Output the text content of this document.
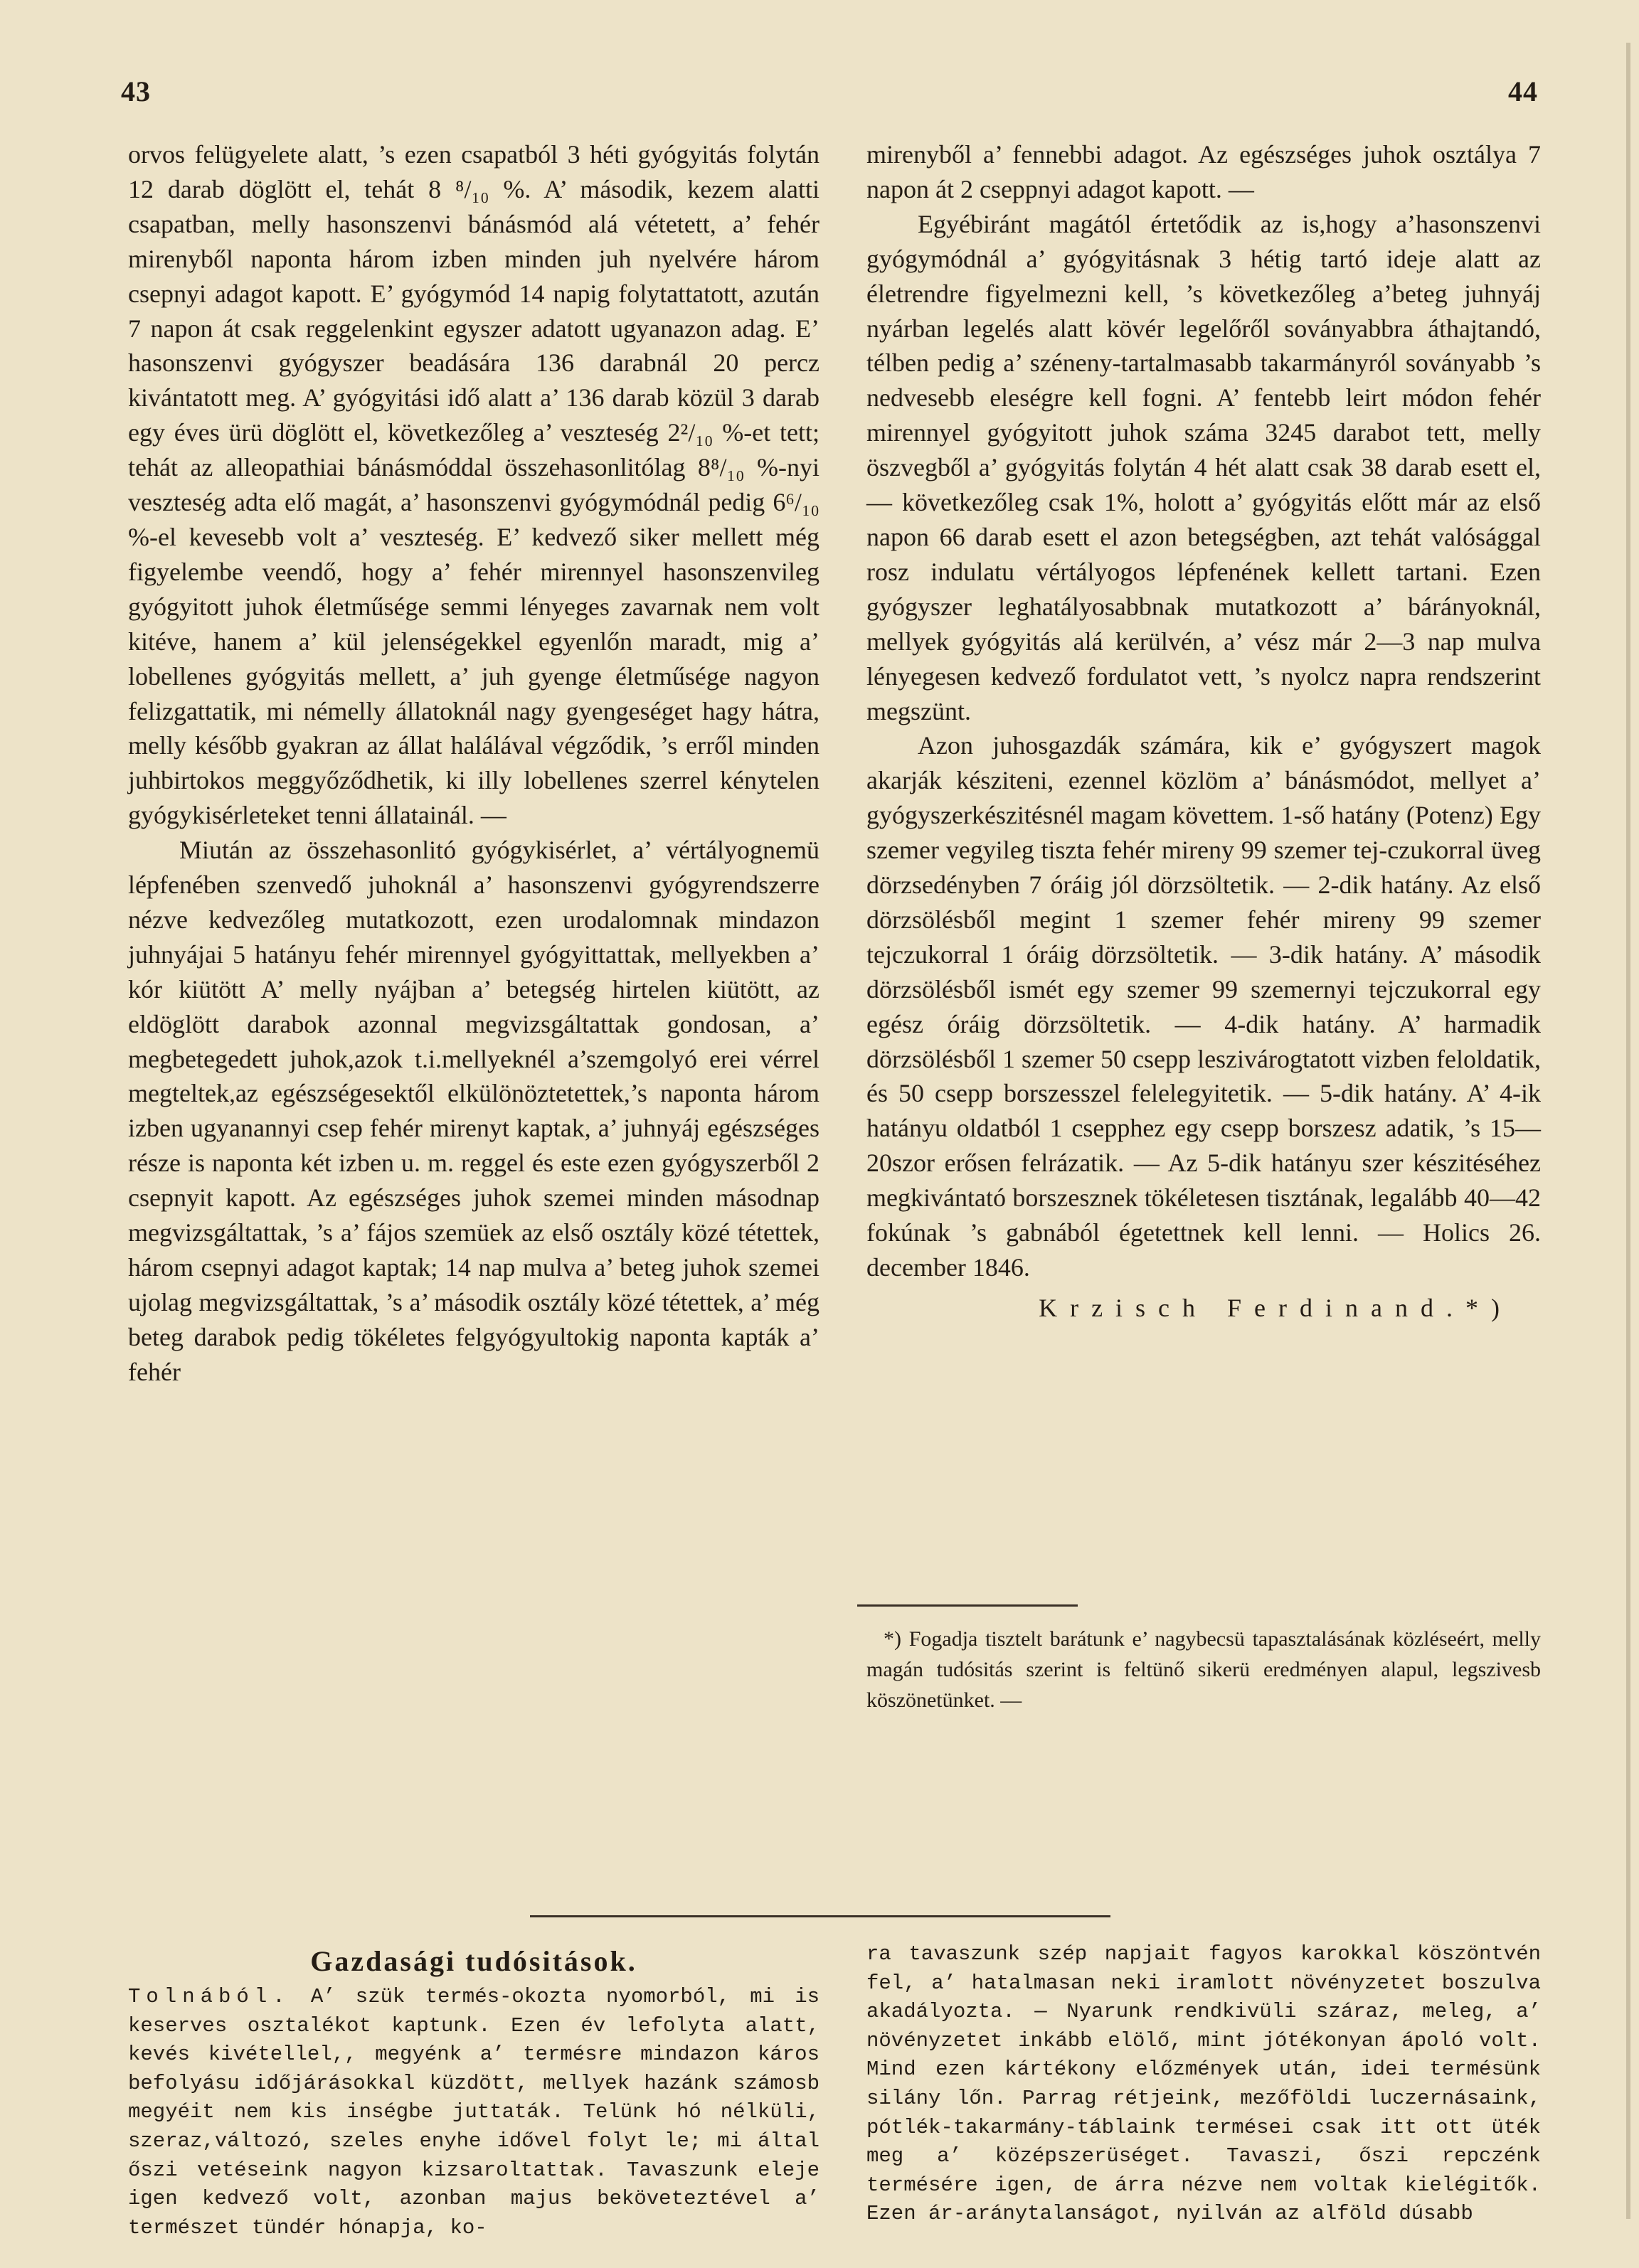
43	44

orvos felügyelete alatt, ’s ezen csapatból 3 héti gyógyitás folytán 12 darab döglött el, tehát 8 ⁸/₁₀ %. A’ második, kezem alatti csapatban, melly hasonszenvi bánásmód alá vétetett, a’ fehér mirenyből naponta három izben minden juh nyelvére három csepnyi adagot kapott. E’ gyógymód 14 napig folytattatott, azután 7 napon át csak reggelenkint egyszer adatott ugyanazon adag. E’ hasonszenvi gyógyszer beadására 136 darabnál 20 percz kivántatott meg. A’ gyógyitási idő alatt a’ 136 darab közül 3 darab egy éves ürü döglött el, következőleg a’ veszteség 2²/₁₀ %-et tett; tehát az alleopathiai bánásmóddal összehasonlitólag 8⁸/₁₀ %-nyi veszteség adta elő magát, a’ hasonszenvi gyógymódnál pedig 6⁶/₁₀ %-el kevesebb volt a’ veszteség. E’ kedvező siker mellett még figyelembe veendő, hogy a’ fehér mirennyel hasonszenvileg gyógyitott juhok életműsége semmi lényeges zavarnak nem volt kitéve, hanem a’ kül jelenségekkel egyenlőn maradt, mig a’ lobellenes gyógyitás mellett, a’ juh gyenge életműsége nagyon felizgattatik, mi némelly állatoknál nagy gyengeséget hagy hátra, melly később gyakran az állat halálával végződik, ’s erről minden juhbirtokos meggyőződhetik, ki illy lobellenes szerrel kénytelen gyógykisérleteket tenni állatainál. —

Miután az összehasonlitó gyógykisérlet, a’ vértályognemü lépfenében szenvedő juhoknál a’ hasonszenvi gyógyrendszerre nézve kedvezőleg mutatkozott, ezen urodalomnak mindazon juhnyájai 5 hatányu fehér mirennyel gyógyittattak, mellyekben a’ kór kiütött A’ melly nyájban a’ betegség hirtelen kiütött, az eldöglött darabok azonnal megvizsgáltattak gondosan, a’ megbetegedett juhok,azok t.i.mellyeknél a’szemgolyó erei vérrel megteltek,az egészségesektől elkülönöztetettek,’s naponta három izben ugyanannyi csep fehér mirenyt kaptak, a’ juhnyáj egészséges része is naponta két izben u. m. reggel és este ezen gyógyszerből 2 csepnyit kapott. Az egészséges juhok szemei minden másodnap megvizsgáltattak, ’s a’ fájos szemüek az első osztály közé tétettek, három csepnyi adagot kaptak; 14 nap mulva a’ beteg juhok szemei ujolag megvizsgáltattak, ’s a’ második osztály közé tétettek, a’ még beteg darabok pedig tökéletes felgyógyultokig naponta kapták a’ fehér

mirenyből a’ fennebbi adagot. Az egészséges juhok osztálya 7 napon át 2 cseppnyi adagot kapott. —

Egyébiránt magától értetődik az is,hogy a’hasonszenvi gyógymódnál a’ gyógyitásnak 3 hétig tartó ideje alatt az életrendre figyelmezni kell, ’s következőleg a’beteg juhnyáj nyárban legelés alatt kövér legelőről soványabbra áthajtandó, télben pedig a’ széneny-tartalmasabb takarmányról soványabb ’s nedvesebb eleségre kell fogni. A’ fentebb leirt módon fehér mirennyel gyógyitott juhok száma 3245 darabot tett, melly öszvegből a’ gyógyitás folytán 4 hét alatt csak 38 darab esett el, — következőleg csak 1%, holott a’ gyógyitás előtt már az első napon 66 darab esett el azon betegségben, azt tehát valósággal rosz indulatu vértályogos lépfenének kellett tartani. Ezen gyógyszer leghatályosabbnak mutatkozott a’ bárányoknál, mellyek gyógyitás alá kerülvén, a’ vész már 2—3 nap mulva lényegesen kedvező fordulatot vett, ’s nyolcz napra rendszerint megszünt.

Azon juhosgazdák számára, kik e’ gyógyszert magok akarják késziteni, ezennel közlöm a’ bánásmódot, mellyet a’ gyógyszerkészitésnél magam követtem. 1-ső hatány (Potenz) Egy szemer vegyileg tiszta fehér mireny 99 szemer tej-czukorral üveg dörzsedényben 7 óráig jól dörzsöltetik. — 2-dik hatány. Az első dörzsölésből megint 1 szemer fehér mireny 99 szemer tejczukorral 1 óráig dörzsöltetik. — 3-dik hatány. A’ második dörzsölésből ismét egy szemer 99 szemernyi tejczukorral egy egész óráig dörzsöltetik. — 4-dik hatány. A’ harmadik dörzsölésből 1 szemer 50 csepp leszivárogtatott vizben feloldatik, és 50 csepp borszesszel felelegyitetik. — 5-dik hatány. A’ 4-ik hatányu oldatból 1 csepphez egy csepp borszesz adatik, ’s 15—20szor erősen felrázatik. — Az 5-dik hatányu szer készitéséhez megkivántató borszesznek tökéletesen tisztának, legalább 40—42 fokúnak ’s gabnából égetettnek kell lenni. — Holics 26. december 1846.

Krzisch Ferdinand.*)

*) Fogadja tisztelt barátunk e’ nagybecsü tapasztalásának közléseért, melly magán tudósitás szerint is feltünő sikerü eredményen alapul, legszivesb köszönetünket. —

Gazdasági tudósitások.

Tolnából. A’ szük termés-okozta nyomorból, mi is keserves osztalékot kaptunk. Ezen év lefolyta alatt, kevés kivétellel,, megyénk a’ termésre mindazon káros befolyásu időjárásokkal küzdött, mellyek hazánk számosb megyéit nem kis inségbe juttaták. Telünk hó nélküli, szeraz,változó, szeles enyhe idővel folyt le; mi által őszi vetéseink nagyon kizsaroltattak. Tavaszunk eleje igen kedvező volt, azonban majus beköveteztével a’ természet tündér hónapja, ko-

ra tavaszunk szép napjait fagyos karokkal köszöntvén fel, a’ hatalmasan neki iramlott növényzetet boszulva akadályozta. — Nyarunk rendkivüli száraz, meleg, a’ növényzetet inkább elölő, mint jótékonyan ápoló volt. Mind ezen kártékony előzmények után, idei termésünk silány lőn. Parrag rétjeink, mezőföldi luczernásaink, pótlék-takarmány-táblaink termései csak itt ott üték meg a’ középszerüséget. Tavaszi, őszi repczénk termésére igen, de árra nézve nem voltak kielégitők. Ezen ár-aránytalanságot, nyilván az alföld dúsabb
